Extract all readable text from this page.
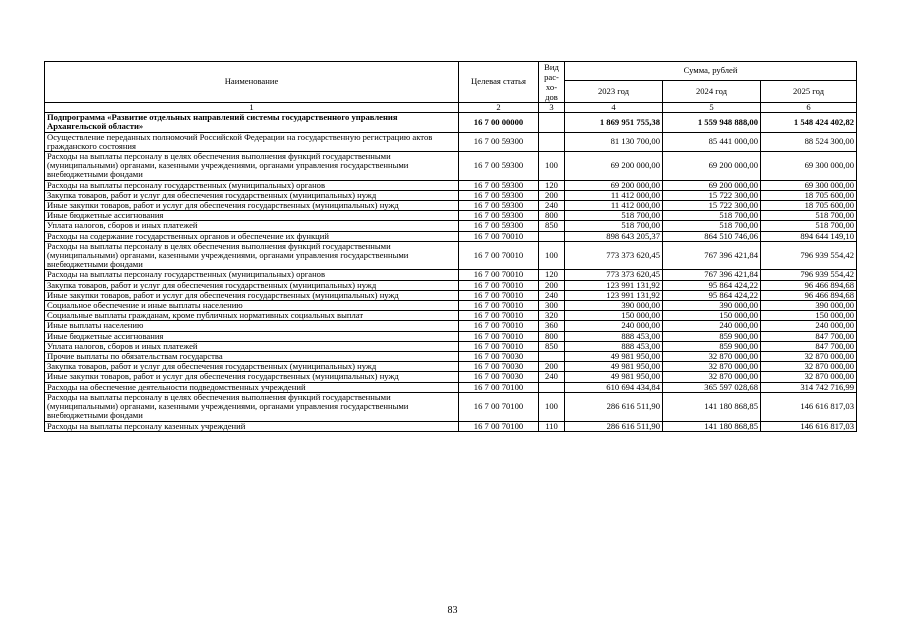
Наименование	Целевая статья	Вид рас-хо-дов	Сумма, рублей		
			2023 год	2024 год	2025 год
1	2	3	4	5	6
Подпрограмма «Развитие отдельных направлений системы государственного управления Архангельской области»	16 7 00 00000		1 869 951 755,38	1 559 948 888,00	1 548 424 402,82
Осуществление переданных полномочий Российской Федерации на государственную регистрацию актов гражданского состояния	16 7 00 59300		81 130 700,00	85 441 000,00	88 524 300,00
Расходы на выплаты персоналу в целях обеспечения выполнения функций государственными (муниципальными) органами, казенными учреждениями, органами управления государственными внебюджетными фондами	16 7 00 59300	100	69 200 000,00	69 200 000,00	69 300 000,00
Расходы на выплаты персоналу государственных (муниципальных) органов	16 7 00 59300	120	69 200 000,00	69 200 000,00	69 300 000,00
Закупка товаров, работ и услуг для обеспечения государственных (муниципальных) нужд	16 7 00 59300	200	11 412 000,00	15 722 300,00	18 705 600,00
Иные закупки товаров, работ и услуг для обеспечения государственных (муниципальных) нужд	16 7 00 59300	240	11 412 000,00	15 722 300,00	18 705 600,00
Иные бюджетные ассигнования	16 7 00 59300	800	518 700,00	518 700,00	518 700,00
Уплата налогов, сборов и иных платежей	16 7 00 59300	850	518 700,00	518 700,00	518 700,00
Расходы на содержание государственных органов и обеспечение их функций	16 7 00 70010		898 643 205,37	864 510 746,06	894 644 149,10
Расходы на выплаты персоналу в целях обеспечения выполнения функций государственными (муниципальными) органами, казенными учреждениями, органами управления государственными внебюджетными фондами	16 7 00 70010	100	773 373 620,45	767 396 421,84	796 939 554,42
Расходы на выплаты персоналу государственных (муниципальных) органов	16 7 00 70010	120	773 373 620,45	767 396 421,84	796 939 554,42
Закупка товаров, работ и услуг для обеспечения государственных (муниципальных) нужд	16 7 00 70010	200	123 991 131,92	95 864 424,22	96 466 894,68
Иные закупки товаров, работ и услуг для обеспечения государственных (муниципальных) нужд	16 7 00 70010	240	123 991 131,92	95 864 424,22	96 466 894,68
Социальное обеспечение и иные выплаты населению	16 7 00 70010	300	390 000,00	390 000,00	390 000,00
Социальные выплаты гражданам, кроме публичных нормативных социальных выплат	16 7 00 70010	320	150 000,00	150 000,00	150 000,00
Иные выплаты населению	16 7 00 70010	360	240 000,00	240 000,00	240 000,00
Иные бюджетные ассигнования	16 7 00 70010	800	888 453,00	859 900,00	847 700,00
Уплата налогов, сборов и иных платежей	16 7 00 70010	850	888 453,00	859 900,00	847 700,00
Прочие выплаты по обязательствам государства	16 7 00 70030		49 981 950,00	32 870 000,00	32 870 000,00
Закупка товаров, работ и услуг для обеспечения государственных (муниципальных) нужд	16 7 00 70030	200	49 981 950,00	32 870 000,00	32 870 000,00
Иные закупки товаров, работ и услуг для обеспечения государственных (муниципальных) нужд	16 7 00 70030	240	49 981 950,00	32 870 000,00	32 870 000,00
Расходы на обеспечение деятельности подведомственных учреждений	16 7 00 70100		610 694 434,84	365 597 028,68	314 742 716,99
Расходы на выплаты персоналу в целях обеспечения выполнения функций государственными (муниципальными) органами, казенными учреждениями, органами управления государственными внебюджетными фондами	16 7 00 70100	100	286 616 511,90	141 180 868,85	146 616 817,03
Расходы на выплаты персоналу казенных учреждений	16 7 00 70100	110	286 616 511,90	141 180 868,85	146 616 817,03
83
